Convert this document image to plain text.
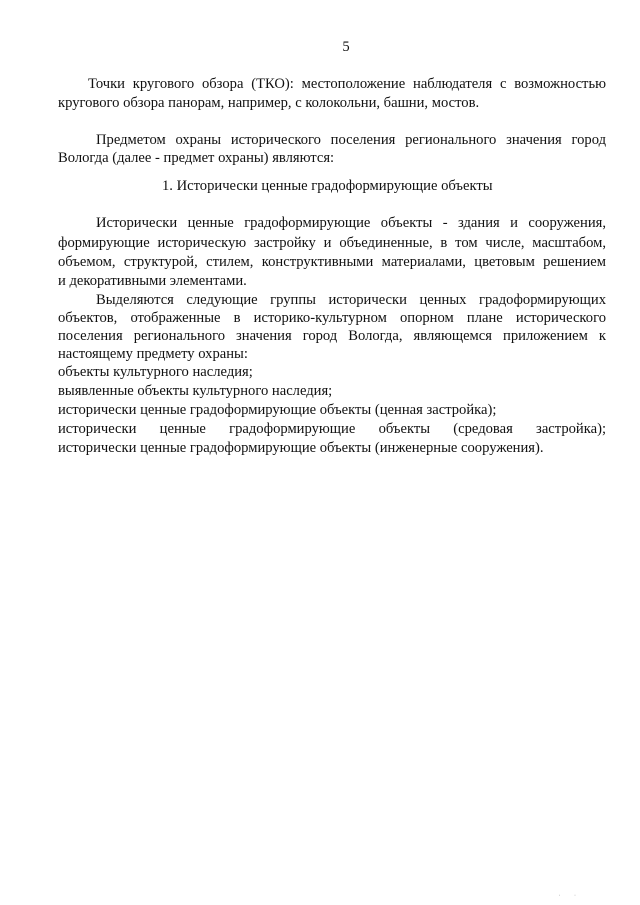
5
Точки кругового обзора (ТКО): местоположение наблюдателя с возможностью
кругового обзора панорам, например, с колокольни, башни, мостов.
Предметом охраны исторического поселения регионального значения город
Вологда (далее - предмет охраны) являются:
1. Исторически ценные градоформирующие объекты
Исторически ценные градоформирующие объекты - здания и сооружения,
формирующие историческую застройку и объединенные, в том числе, масштабом,
объемом, структурой, стилем, конструктивными материалами, цветовым решением
и декоративными элементами.
Выделяются следующие группы исторически ценных градоформирующих
объектов, отображенные в историко-культурном опорном плане исторического
поселения регионального значения город Вологда, являющемся приложением к
настоящему предмету охраны:
объекты культурного наследия;
выявленные объекты культурного наследия;
исторически ценные градоформирующие объекты (ценная застройка);
исторически ценные градоформирующие объекты (средовая застройка);
исторически ценные градоформирующие объекты (инженерные сооружения).
· ·
